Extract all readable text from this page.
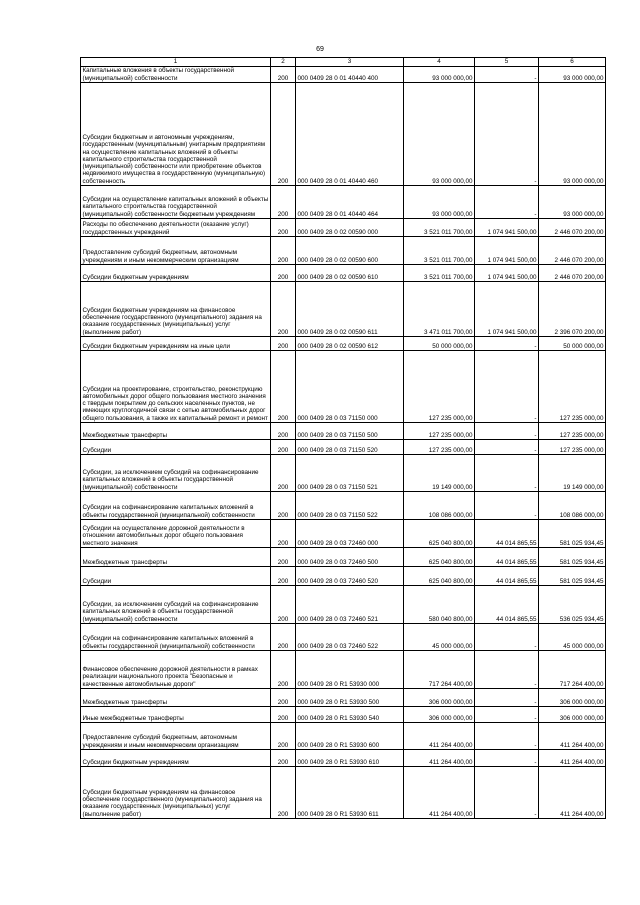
69
1	2	3	4	5	6
Капитальные вложения в объекты государственной (муниципальной) собственности	200	000 0409 28 0 01 40440 400	93 000 000,00	-	93 000 000,00
Субсидии бюджетным и автономным учреждениям, государственным (муниципальным) унитарным предприятиям на осуществление капитальных вложений в объекты капитального строительства государственной (муниципальной) собственности или приобретение объектов недвижимого имущества в государственную (муниципальную) собственность	200	000 0409 28 0 01 40440 460	93 000 000,00	-	93 000 000,00
Субсидии на осуществление капитальных вложений в объекты капитального строительства государственной (муниципальной) собственности бюджетным учреждениям	200	000 0409 28 0 01 40440 464	93 000 000,00	-	93 000 000,00
Расходы по обеспечению деятельности (оказание услуг) государственных учреждений	200	000 0409 28 0 02 00590 000	3 521 011 700,00	1 074 941 500,00	2 446 070 200,00
Предоставление субсидий бюджетным, автономным учреждениям и иным некоммерческим организациям	200	000 0409 28 0 02 00590 600	3 521 011 700,00	1 074 941 500,00	2 446 070 200,00
Субсидии бюджетным учреждениям	200	000 0409 28 0 02 00590 610	3 521 011 700,00	1 074 941 500,00	2 446 070 200,00
Субсидии бюджетным учреждениям на финансовое обеспечение государственного (муниципального) задания на оказание государственных (муниципальных) услуг (выполнение работ)	200	000 0409 28 0 02 00590 611	3 471 011 700,00	1 074 941 500,00	2 396 070 200,00
Субсидии бюджетным учреждениям на иные цели	200	000 0409 28 0 02 00590 612	50 000 000,00	-	50 000 000,00
Субсидии на проектирование, строительство, реконструкцию автомобильных дорог общего пользования местного значения с твердым покрытием до сельских населенных пунктов, не имеющих круглогодичной связи с сетью автомобильных дорог общего пользования, а также их капитальный ремонт и ремонт	200	000 0409 28 0 03 71150 000	127 235 000,00	-	127 235 000,00
Межбюджетные трансферты	200	000 0409 28 0 03 71150 500	127 235 000,00	-	127 235 000,00
Субсидии	200	000 0409 28 0 03 71150 520	127 235 000,00	-	127 235 000,00
Субсидии, за исключением субсидий на софинансирование капитальных вложений в объекты государственной (муниципальной) собственности	200	000 0409 28 0 03 71150 521	19 149 000,00	-	19 149 000,00
Субсидии на софинансирование капитальных вложений в объекты государственной (муниципальной) собственности	200	000 0409 28 0 03 71150 522	108 086 000,00	-	108 086 000,00
Субсидии на осуществление дорожной деятельности в отношении автомобильных дорог общего пользования местного значения	200	000 0409 28 0 03 72460 000	625 040 800,00	44 014 865,55	581 025 934,45
Межбюджетные трансферты	200	000 0409 28 0 03 72460 500	625 040 800,00	44 014 865,55	581 025 934,45
Субсидии	200	000 0409 28 0 03 72460 520	625 040 800,00	44 014 865,55	581 025 934,45
Субсидии, за исключением субсидий на софинансирование капитальных вложений в объекты государственной (муниципальной) собственности	200	000 0409 28 0 03 72460 521	580 040 800,00	44 014 865,55	536 025 934,45
Субсидии на софинансирование капитальных вложений в объекты государственной (муниципальной) собственности	200	000 0409 28 0 03 72460 522	45 000 000,00	-	45 000 000,00
Финансовое обеспечение дорожной деятельности в рамках реализации национального проекта "Безопасные и качественные автомобильные дороги"	200	000 0409 28 0 R1 53930 000	717 264 400,00	-	717 264 400,00
Межбюджетные трансферты	200	000 0409 28 0 R1 53930 500	306 000 000,00	-	306 000 000,00
Иные межбюджетные трансферты	200	000 0409 28 0 R1 53930 540	306 000 000,00	-	306 000 000,00
Предоставление субсидий бюджетным, автономным учреждениям и иным некоммерческим организациям	200	000 0409 28 0 R1 53930 600	411 264 400,00	-	411 264 400,00
Субсидии бюджетным учреждениям	200	000 0409 28 0 R1 53930 610	411 264 400,00	-	411 264 400,00
Субсидии бюджетным учреждениям на финансовое обеспечение государственного (муниципального) задания на оказание государственных (муниципальных) услуг (выполнение работ)	200	000 0409 28 0 R1 53930 611	411 264 400,00	-	411 264 400,00
